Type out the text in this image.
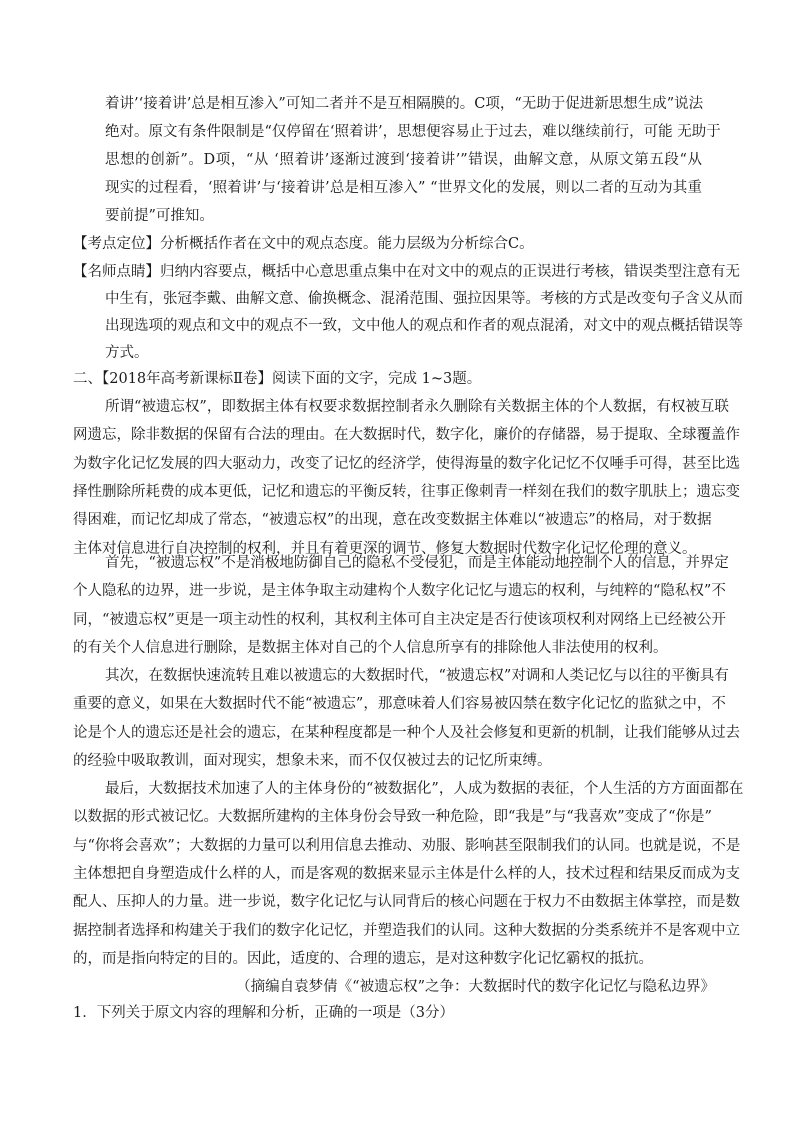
着讲’‘接着讲’总是相互渗入”可知二者并不是互相隔膜的。C项，“无助于促进新思想生成”说法
绝对。原文有条件限制是“仅停留在‘照着讲’，思想便容易止于过去，难以继续前行，可能 无助于
思想的创新”。D项，“从 ‘照着讲’逐渐过渡到‘接着讲’”错误，曲解文意，从原文第五段“从
现实的过程看，‘照着讲’与‘接着讲’总是相互渗入” “世界文化的发展，则以二者的互动为其重
要前提”可推知。
【考点定位】分析概括作者在文中的观点态度。能力层级为分析综合C。
【名师点睛】归纳内容要点，概括中心意思重点集中在对文中的观点的正误进行考核，错误类型注意有无
中生有，张冠李戴、曲解文意、偷换概念、混淆范围、强拉因果等。考核的方式是改变句子含义从而
出现选项的观点和文中的观点不一致，文中他人的观点和作者的观点混淆，对文中的观点概括错误等
方式。
二、【2018年高考新课标Ⅱ卷】阅读下面的文字，完成 1~3题。
所谓“被遗忘权”，即数据主体有权要求数据控制者永久删除有关数据主体的个人数据，有权被互联
网遗忘，除非数据的保留有合法的理由。在大数据时代，数字化，廉价的存储器，易于提取、全球覆盖作
为数字化记忆发展的四大驱动力，改变了记忆的经济学，使得海量的数字化记忆不仅唾手可得，甚至比选
择性删除所耗费的成本更低，记忆和遗忘的平衡反转，往事正像刺青一样刻在我们的数字肌肤上；遗忘变
得困难，而记忆却成了常态，“被遗忘权”的出现，意在改变数据主体难以“被遗忘”的格局，对于数据
主体对信息进行自决控制的权利，并且有着更深的调节、修复大数据时代数字化记忆伦理的意义。
首先，“被遗忘权”不是消极地防御自己的隐私不受侵犯，而是主体能动地控制个人的信息，并界定
个人隐私的边界，进一步说，是主体争取主动建构个人数字化记忆与遗忘的权利，与纯粹的“隐私权”不
同，“被遗忘权”更是一项主动性的权利，其权利主体可自主决定是否行使该项权利对网络上已经被公开
的有关个人信息进行删除，是数据主体对自己的个人信息所享有的排除他人非法使用的权利。
其次，在数据快速流转且难以被遗忘的大数据时代，“被遗忘权”对调和人类记忆与以往的平衡具有
重要的意义，如果在大数据时代不能“被遗忘”，那意味着人们容易被囚禁在数字化记忆的监狱之中，不
论是个人的遗忘还是社会的遗忘，在某种程度都是一种个人及社会修复和更新的机制，让我们能够从过去
的经验中吸取教训，面对现实，想象未来，而不仅仅被过去的记忆所束缚。
最后，大数据技术加速了人的主体身份的“被数据化”，人成为数据的表征，个人生活的方方面面都在
以数据的形式被记忆。大数据所建构的主体身份会导致一种危险，即“我是”与“我喜欢”变成了“你是”
与“你将会喜欢”；大数据的力量可以利用信息去推动、劝服、影响甚至限制我们的认同。也就是说，不是
主体想把自身塑造成什么样的人，而是客观的数据来显示主体是什么样的人，技术过程和结果反而成为支
配人、压抑人的力量。进一步说，数字化记忆与认同背后的核心问题在于权力不由数据主体掌控，而是数
据控制者选择和构建关于我们的数字化记忆，并塑造我们的认同。这种大数据的分类系统并不是客观中立
的，而是指向特定的目的。因此，适度的、合理的遗忘，是对这种数字化记忆霸权的抵抗。
（摘编自袁梦倩《“被遗忘权”之争：大数据时代的数字化记忆与隐私边界》
1．下列关于原文内容的理解和分析，正确的一项是（3分）
